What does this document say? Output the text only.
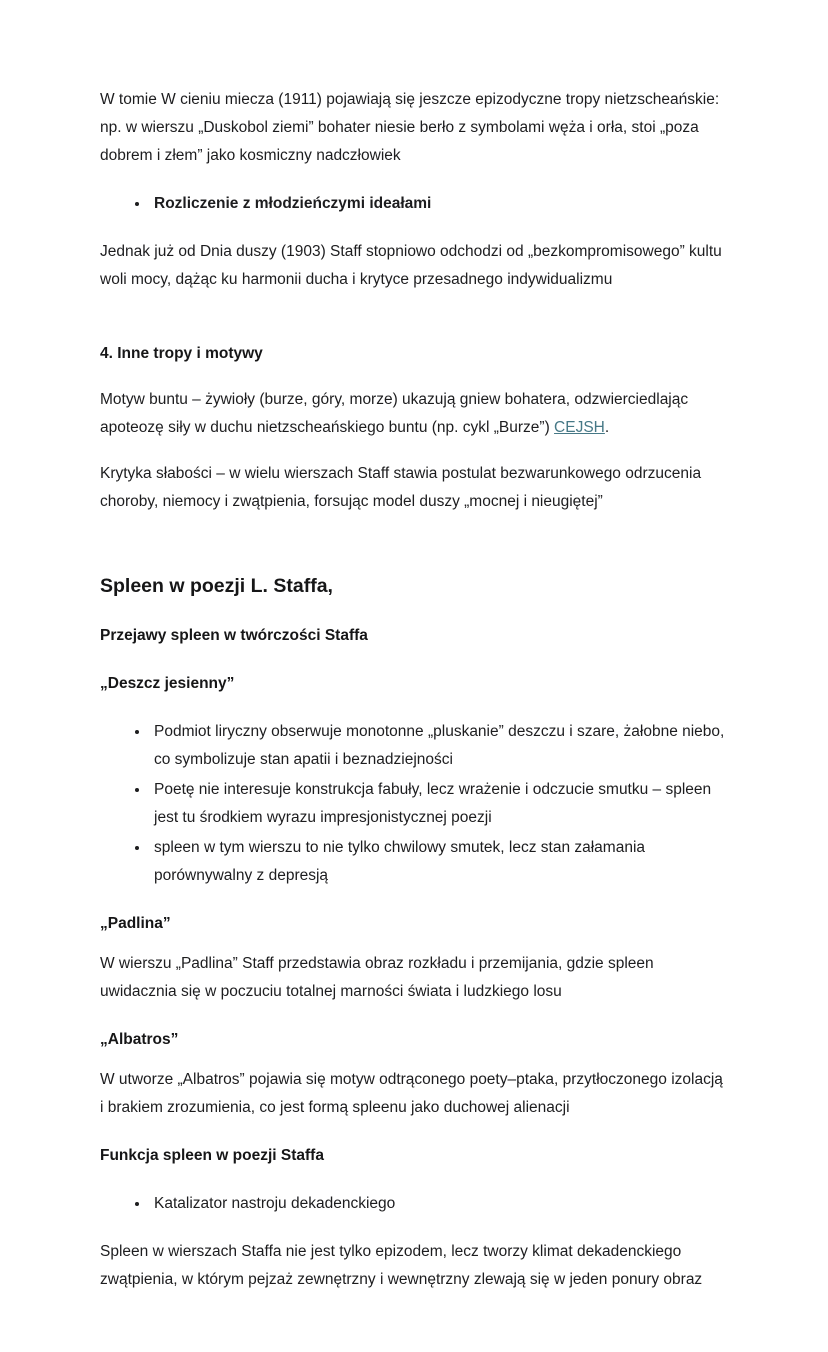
W tomie W cieniu miecza (1911) pojawiają się jeszcze epizodyczne tropy nietzscheańskie: np. w wierszu „Duskobol ziemi” bohater niesie berło z symbolami węża i orła, stoi „poza dobrem i złem” jako kosmiczny nadczłowiek

• Rozliczenie z młodzieńczymi ideałami

Jednak już od Dnia duszy (1903) Staff stopniowo odchodzi od „bezkompromisowego” kultu woli mocy, dążąc ku harmonii ducha i krytyce przesadnego indywidualizmu

4. Inne tropy i motywy

Motyw buntu – żywioły (burze, góry, morze) ukazują gniew bohatera, odzwierciedlając apoteozę siły w duchu nietzscheańskiego buntu (np. cykl „Burze”) CEJSH.

Krytyka słabości – w wielu wierszach Staff stawia postulat bezwarunkowego odrzucenia choroby, niemocy i zwątpienia, forsując model duszy „mocnej i nieugiętej”

Spleen w poezji L. Staffa,
Przejawy spleen w twórczości Staffa
„Deszcz jesienny”
• Podmiot liryczny obserwuje monotonne „pluskanie” deszczu i szare, żałobne niebo, co symbolizuje stan apatii i beznadziejności
• Poetę nie interesuje konstrukcja fabuły, lecz wrażenie i odczucie smutku – spleen jest tu środkiem wyrazu impresjonistycznej poezji
• spleen w tym wierszu to nie tylko chwilowy smutek, lecz stan załamania porównywalny z depresją
„Padlina”

W wierszu „Padlina” Staff przedstawia obraz rozkładu i przemijania, gdzie spleen uwidacznia się w poczuciu totalnej marności świata i ludzkiego losu

„Albatros”

W utworze „Albatros” pojawia się motyw odtrąconego poety–ptaka, przytłoczonego izolacją i brakiem zrozumienia, co jest formą spleenu jako duchowej alienacji

Funkcja spleen w poezji Staffa
• Katalizator nastroju dekadenckiego

Spleen w wierszach Staffa nie jest tylko epizodem, lecz tworzy klimat dekadenckiego zwątpienia, w którym pejzaż zewnętrzny i wewnętrzny zlewają się w jeden ponury obraz
